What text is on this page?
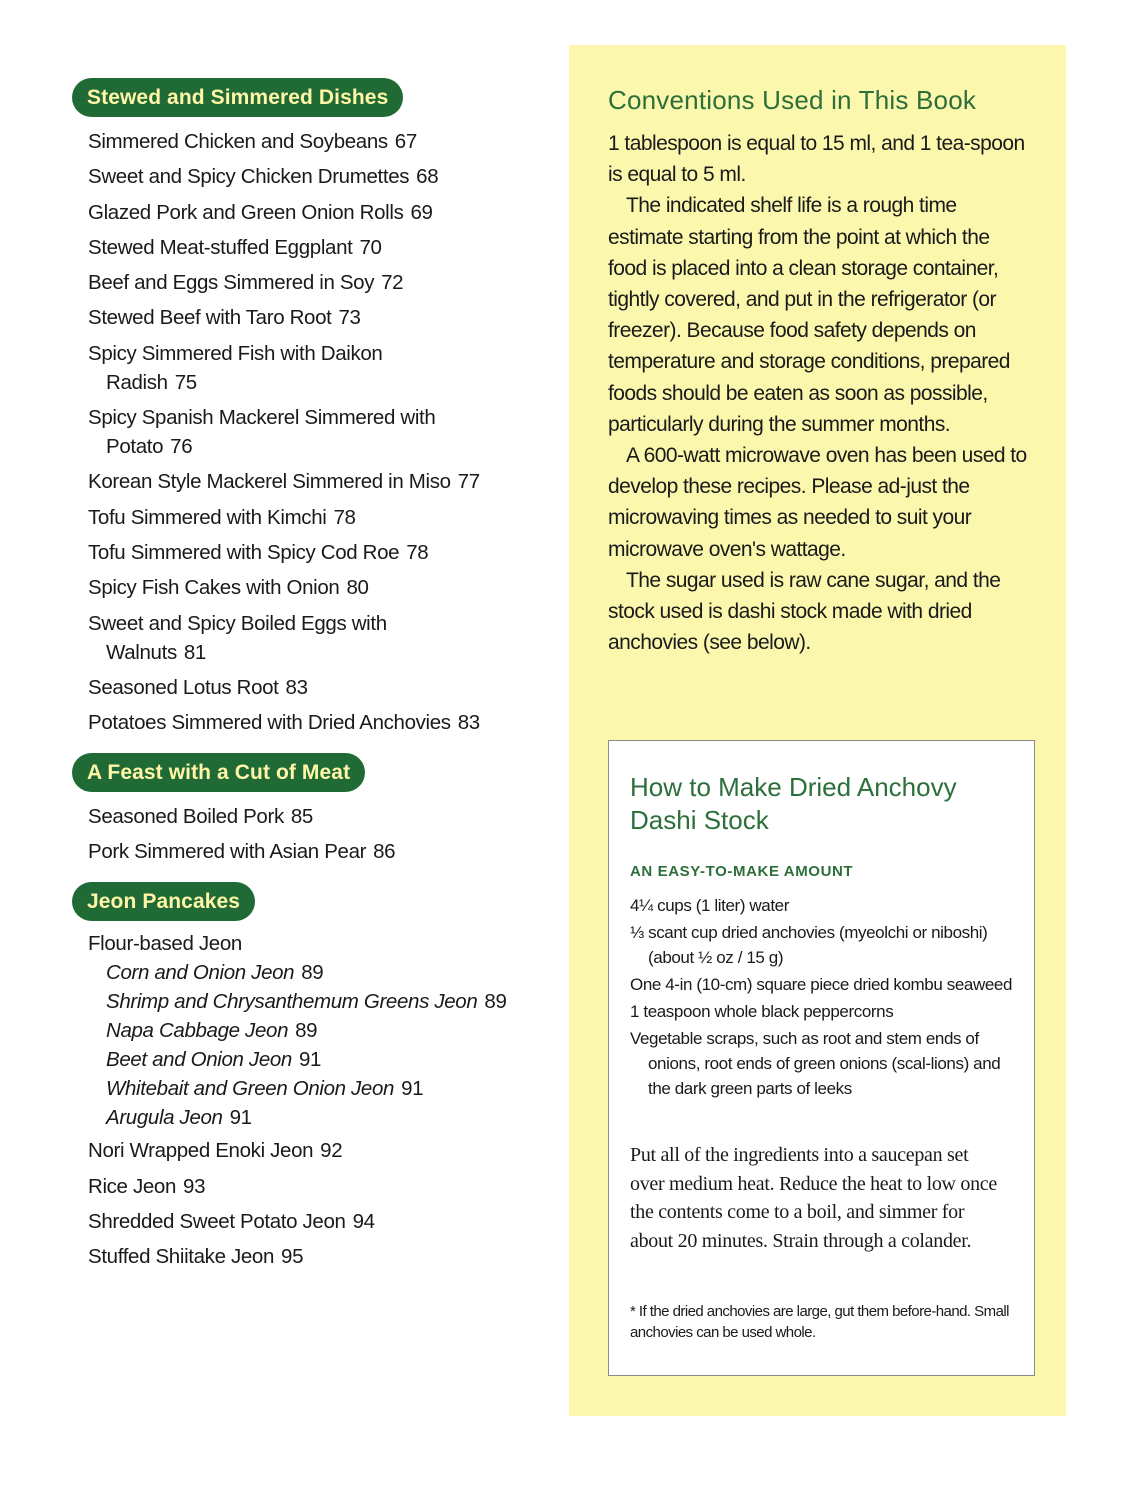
Stewed and Simmered Dishes
Simmered Chicken and Soybeans 67
Sweet and Spicy Chicken Drumettes 68
Glazed Pork and Green Onion Rolls 69
Stewed Meat-stuffed Eggplant 70
Beef and Eggs Simmered in Soy 72
Stewed Beef with Taro Root 73
Spicy Simmered Fish with Daikon
Radish 75
Spicy Spanish Mackerel Simmered with
Potato 76
Korean Style Mackerel Simmered in Miso 77
Tofu Simmered with Kimchi 78
Tofu Simmered with Spicy Cod Roe 78
Spicy Fish Cakes with Onion 80
Sweet and Spicy Boiled Eggs with
Walnuts 81
Seasoned Lotus Root 83
Potatoes Simmered with Dried Anchovies 83
A Feast with a Cut of Meat
Seasoned Boiled Pork 85
Pork Simmered with Asian Pear 86
Jeon Pancakes
Flour-based Jeon
Corn and Onion Jeon 89
Shrimp and Chrysanthemum Greens Jeon 89
Napa Cabbage Jeon 89
Beet and Onion Jeon 91
Whitebait and Green Onion Jeon 91
Arugula Jeon 91
Nori Wrapped Enoki Jeon 92
Rice Jeon 93
Shredded Sweet Potato Jeon 94
Stuffed Shiitake Jeon 95
Conventions Used in This Book

1 tablespoon is equal to 15 ml, and 1 tea-spoon is equal to 5 ml.

The indicated shelf life is a rough time estimate starting from the point at which the food is placed into a clean storage container, tightly covered, and put in the refrigerator (or freezer). Because food safety depends on temperature and storage conditions, prepared foods should be eaten as soon as possible, particularly during the summer months.

A 600-watt microwave oven has been used to develop these recipes. Please ad-just the microwaving times as needed to suit your microwave oven's wattage.

The sugar used is raw cane sugar, and the stock used is dashi stock made with dried anchovies (see below).

How to Make Dried Anchovy Dashi Stock
AN EASY-TO-MAKE AMOUNT
4¼ cups (1 liter) water
⅓ scant cup dried anchovies (myeolchi or niboshi) (about ½ oz / 15 g)
One 4-in (10-cm) square piece dried kombu seaweed
1 teaspoon whole black peppercorns
Vegetable scraps, such as root and stem ends of onions, root ends of green onions (scal-lions) and the dark green parts of leeks
Put all of the ingredients into a saucepan set over medium heat. Reduce the heat to low once the contents come to a boil, and simmer for about 20 minutes. Strain through a colander.
* If the dried anchovies are large, gut them before-hand. Small anchovies can be used whole.
